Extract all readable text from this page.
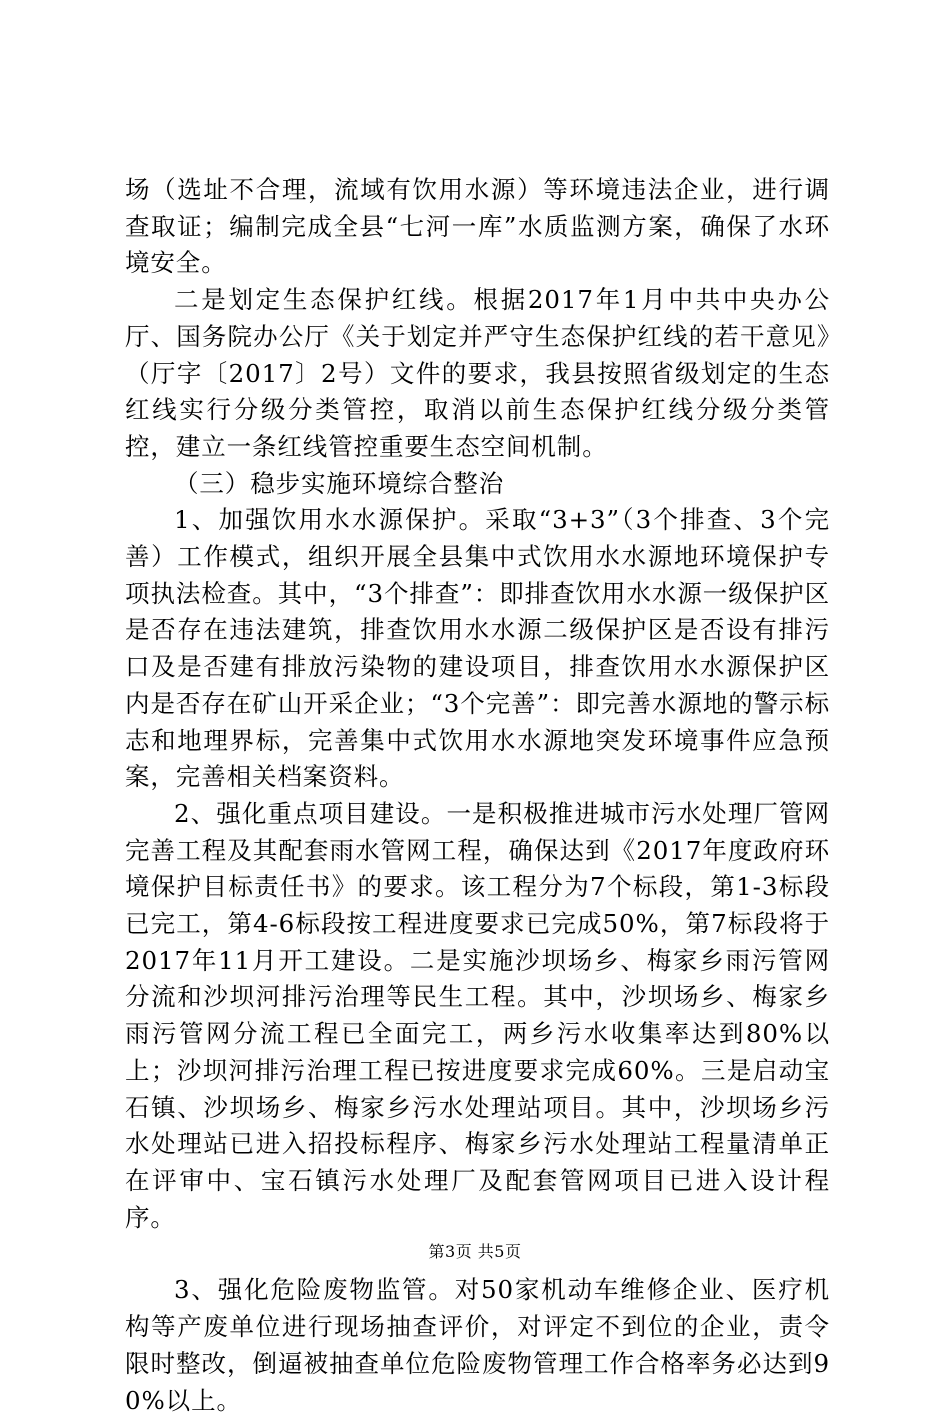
场（选址不合理，流域有饮用水源）等环境违法企业，进行调查取证；编制完成全县“七河一库”水质监测方案，确保了水环境安全。

二是划定生态保护红线。根据2017年1月中共中央办公厅、国务院办公厅《关于划定并严守生态保护红线的若干意见》（厅字〔2017〕2号）文件的要求，我县按照省级划定的生态红线实行分级分类管控，取消以前生态保护红线分级分类管控，建立一条红线管控重要生态空间机制。

（三）稳步实施环境综合整治

1、加强饮用水水源保护。采取“3+3”（3个排查、3个完善）工作模式，组织开展全县集中式饮用水水源地环境保护专项执法检查。其中，“3个排查”：即排查饮用水水源一级保护区是否存在违法建筑，排查饮用水水源二级保护区是否设有排污口及是否建有排放污染物的建设项目，排查饮用水水源保护区内是否存在矿山开采企业；“3个完善”：即完善水源地的警示标志和地理界标，完善集中式饮用水水源地突发环境事件应急预案，完善相关档案资料。

2、强化重点项目建设。一是积极推进城市污水处理厂管网完善工程及其配套雨水管网工程，确保达到《2017年度政府环境保护目标责任书》的要求。该工程分为7个标段，第1-3标段已完工，第4-6标段按工程进度要求已完成50%，第7标段将于2017年11月开工建设。二是实施沙坝场乡、梅家乡雨污管网分流和沙坝河排污治理等民生工程。其中，沙坝场乡、梅家乡雨污管网分流工程已全面完工，两乡污水收集率达到80%以上；沙坝河排污治理工程已按进度要求完成60%。三是启动宝石镇、沙坝场乡、梅家乡污水处理站项目。其中，沙坝场乡污水处理站已进入招投标程序、梅家乡污水处理站工程量清单正在评审中、宝石镇污水处理厂及配套管网项目已进入设计程序。

3、强化危险废物监管。对50家机动车维修企业、医疗机构等产废单位进行现场抽查评价，对评定不到位的企业，责令限时整改，倒逼被抽查单位危险废物管理工作合格率务必达到90%以上。

第3页 共5页
